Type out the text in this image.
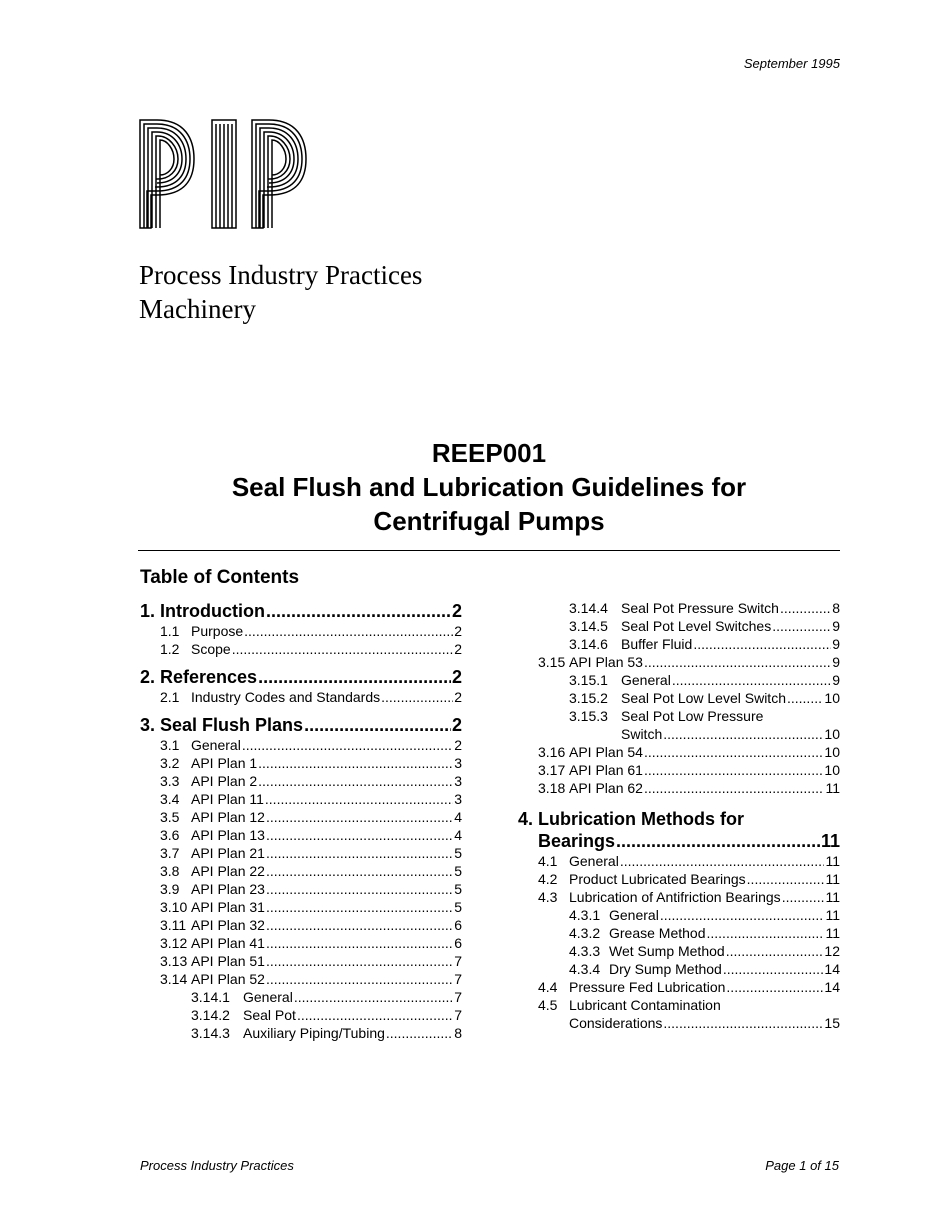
September 1995
Process Industry Practices
Machinery
REEP001
Seal Flush and Lubrication Guidelines for
Centrifugal Pumps
Table of Contents
1. Introduction .....	2
1.1 Purpose .....	2
1.2 Scope .....	2
2. References .....	2
2.1 Industry Codes and Standards .....	2
3. Seal Flush Plans .....	2
3.1 General .....	2
3.2 API Plan 1 .....	3
3.3 API Plan 2 .....	3
3.4 API Plan 11 .....	3
3.5 API Plan 12 .....	4
3.6 API Plan 13 .....	4
3.7 API Plan 21 .....	5
3.8 API Plan 22 .....	5
3.9 API Plan 23 .....	5
3.10 API Plan 31 .....	5
3.11 API Plan 32 .....	6
3.12 API Plan 41 .....	6
3.13 API Plan 51 .....	7
3.14 API Plan 52 .....	7
3.14.1 General .....	7
3.14.2 Seal Pot .....	7
3.14.3 Auxiliary Piping/Tubing .....	8
3.14.4 Seal Pot Pressure Switch .....	8
3.14.5 Seal Pot Level Switches .....	9
3.14.6 Buffer Fluid .....	9
3.15 API Plan 53 .....	9
3.15.1 General .....	9
3.15.2 Seal Pot Low Level Switch .....	10
3.15.3 Seal Pot Low Pressure
Switch .....	10
3.16 API Plan 54 .....	10
3.17 API Plan 61 .....	10
3.18 API Plan 62 .....	11
4. Lubrication Methods for
Bearings .....	11
4.1 General .....	11
4.2 Product Lubricated Bearings .....	11
4.3 Lubrication of Antifriction Bearings .....	11
4.3.1 General .....	11
4.3.2 Grease Method .....	11
4.3.3 Wet Sump Method .....	12
4.3.4 Dry Sump Method .....	14
4.4 Pressure Fed Lubrication .....	14
4.5 Lubricant Contamination
Considerations .....	15
Process Industry Practices	Page 1 of 15
